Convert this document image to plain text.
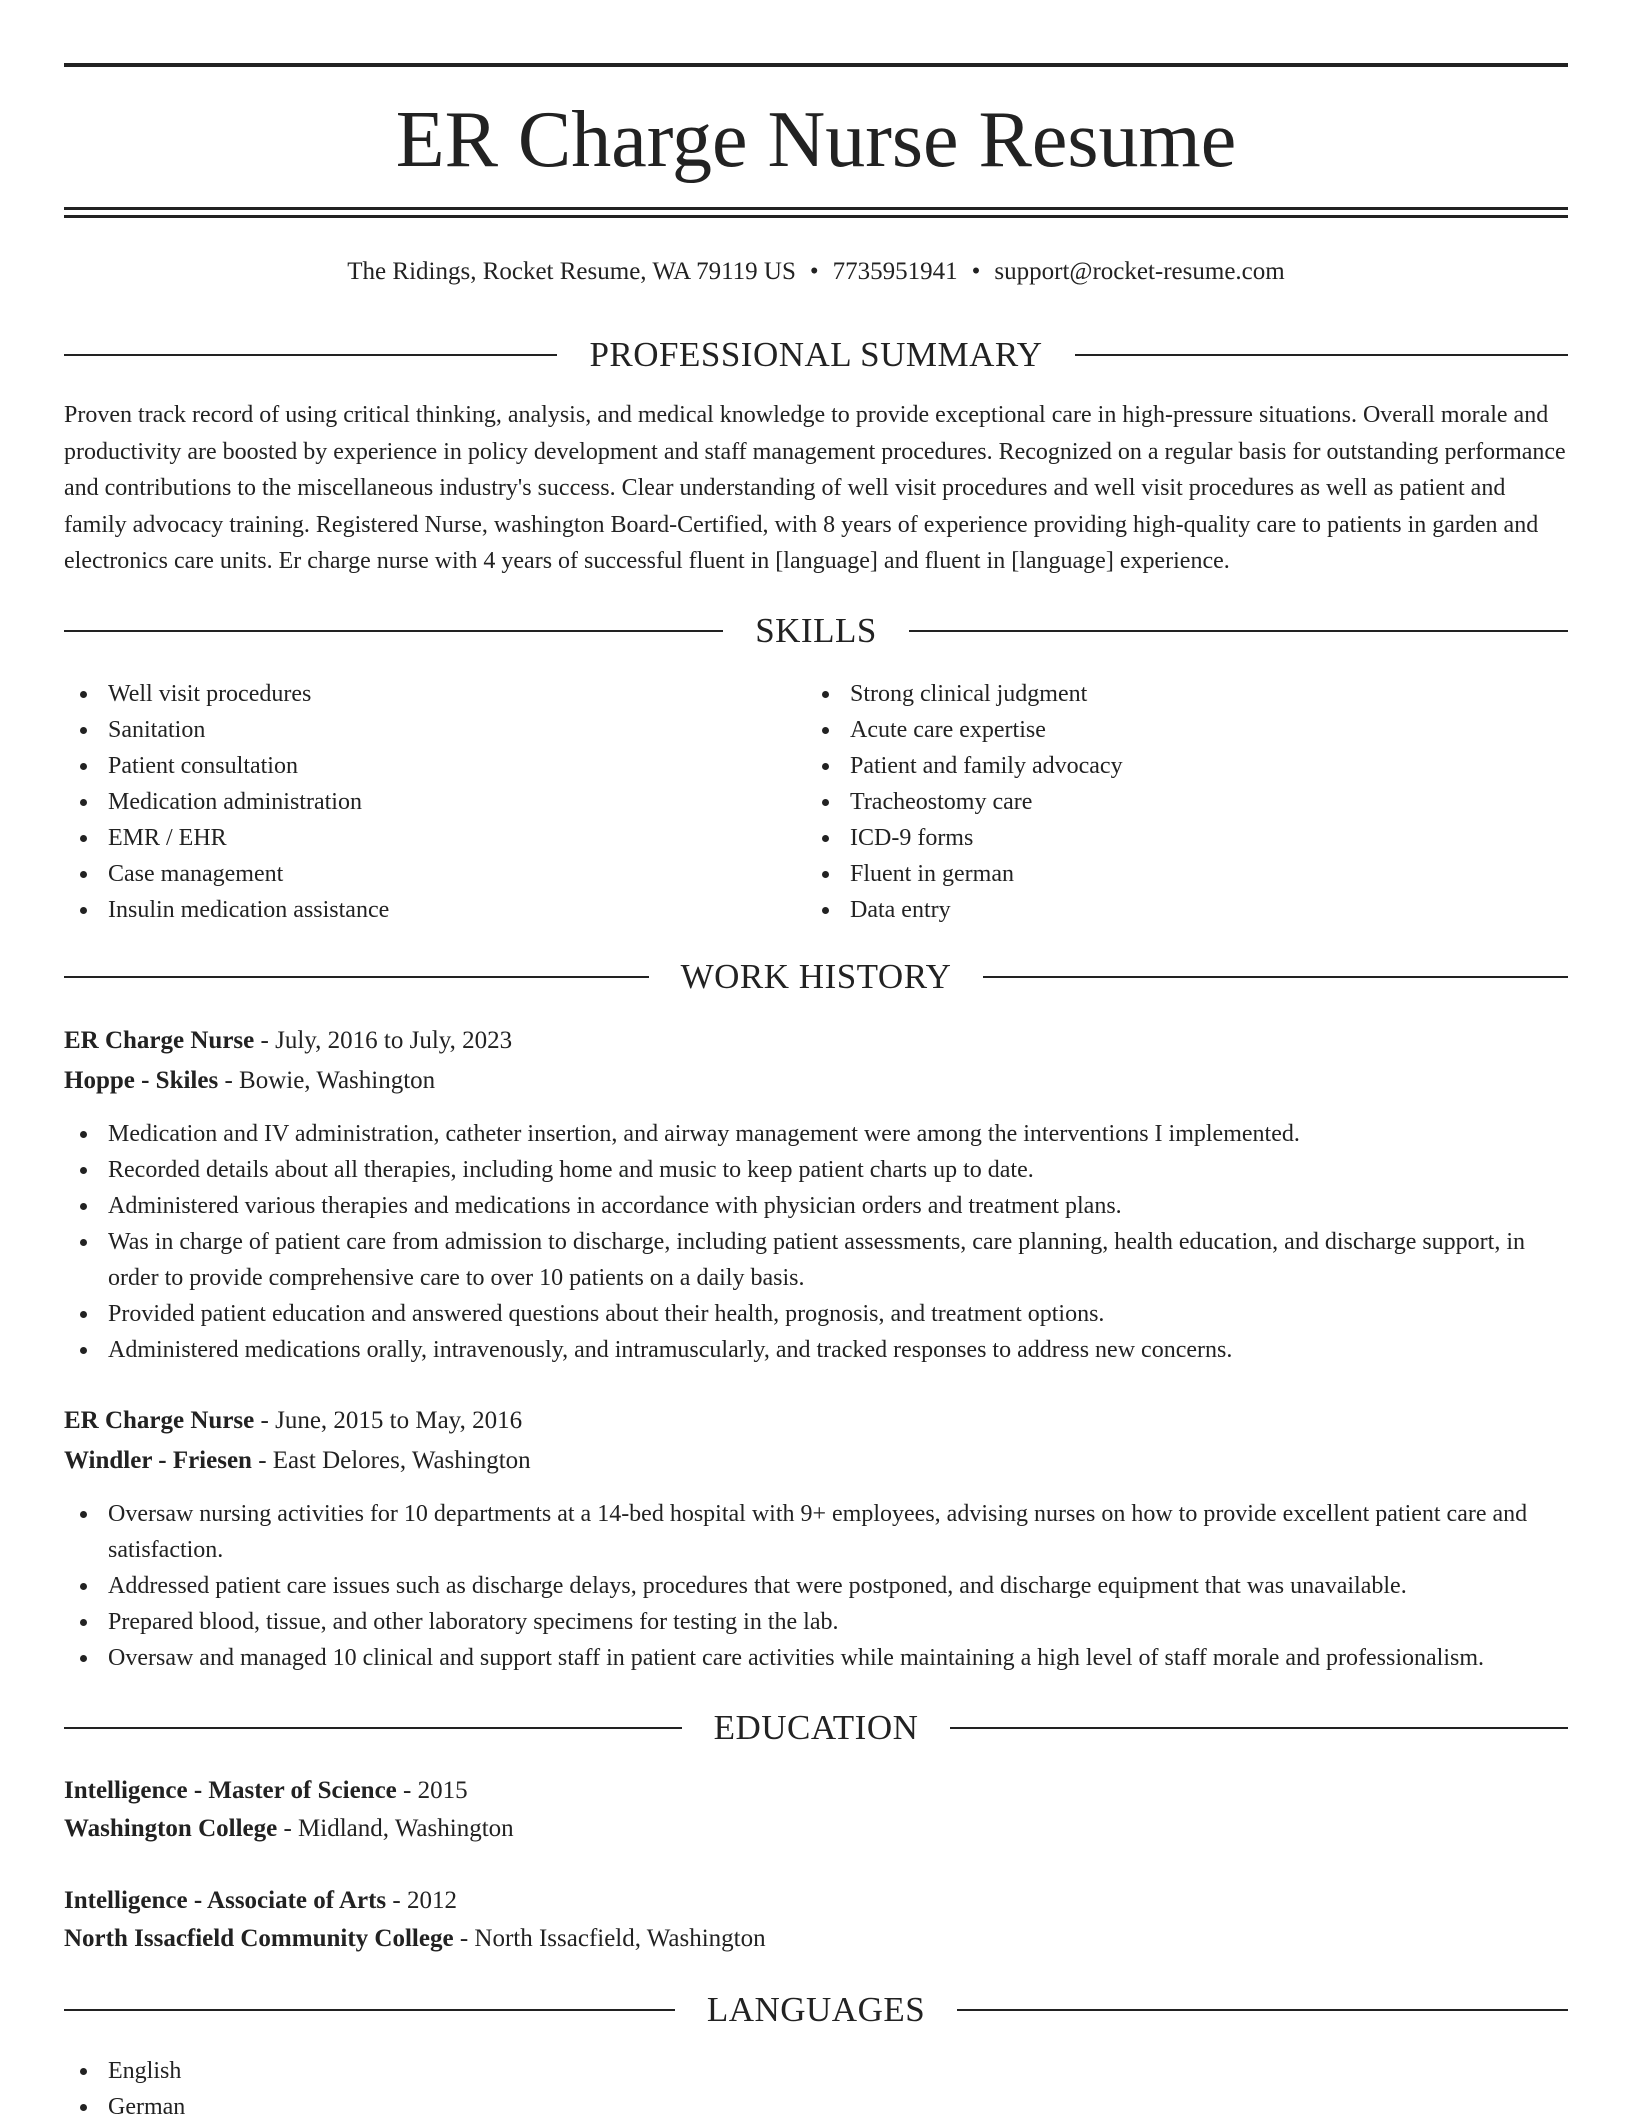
ER Charge Nurse Resume
The Ridings, Rocket Resume, WA 79119 US • 7735951941 • support@rocket-resume.com
PROFESSIONAL SUMMARY

Proven track record of using critical thinking, analysis, and medical knowledge to provide exceptional care in high-pressure situations. Overall morale and productivity are boosted by experience in policy development and staff management procedures. Recognized on a regular basis for outstanding performance and contributions to the miscellaneous industry's success. Clear understanding of well visit procedures and well visit procedures as well as patient and family advocacy training. Registered Nurse, washington Board-Certified, with 8 years of experience providing high-quality care to patients in garden and electronics care units. Er charge nurse with 4 years of successful fluent in [language] and fluent in [language] experience.

SKILLS
Well visit procedures
Sanitation
Patient consultation
Medication administration
EMR / EHR
Case management
Insulin medication assistance
Strong clinical judgment
Acute care expertise
Patient and family advocacy
Tracheostomy care
ICD-9 forms
Fluent in german
Data entry
WORK HISTORY
ER Charge Nurse - July, 2016 to July, 2023
Hoppe - Skiles - Bowie, Washington
Medication and IV administration, catheter insertion, and airway management were among the interventions I implemented.
Recorded details about all therapies, including home and music to keep patient charts up to date.
Administered various therapies and medications in accordance with physician orders and treatment plans.
Was in charge of patient care from admission to discharge, including patient assessments, care planning, health education, and discharge support, in order to provide comprehensive care to over 10 patients on a daily basis.
Provided patient education and answered questions about their health, prognosis, and treatment options.
Administered medications orally, intravenously, and intramuscularly, and tracked responses to address new concerns.
ER Charge Nurse - June, 2015 to May, 2016
Windler - Friesen - East Delores, Washington
Oversaw nursing activities for 10 departments at a 14-bed hospital with 9+ employees, advising nurses on how to provide excellent patient care and satisfaction.
Addressed patient care issues such as discharge delays, procedures that were postponed, and discharge equipment that was unavailable.
Prepared blood, tissue, and other laboratory specimens for testing in the lab.
Oversaw and managed 10 clinical and support staff in patient care activities while maintaining a high level of staff morale and professionalism.
EDUCATION
Intelligence - Master of Science - 2015
Washington College - Midland, Washington
Intelligence - Associate of Arts - 2012
North Issacfield Community College - North Issacfield, Washington
LANGUAGES
English
German
